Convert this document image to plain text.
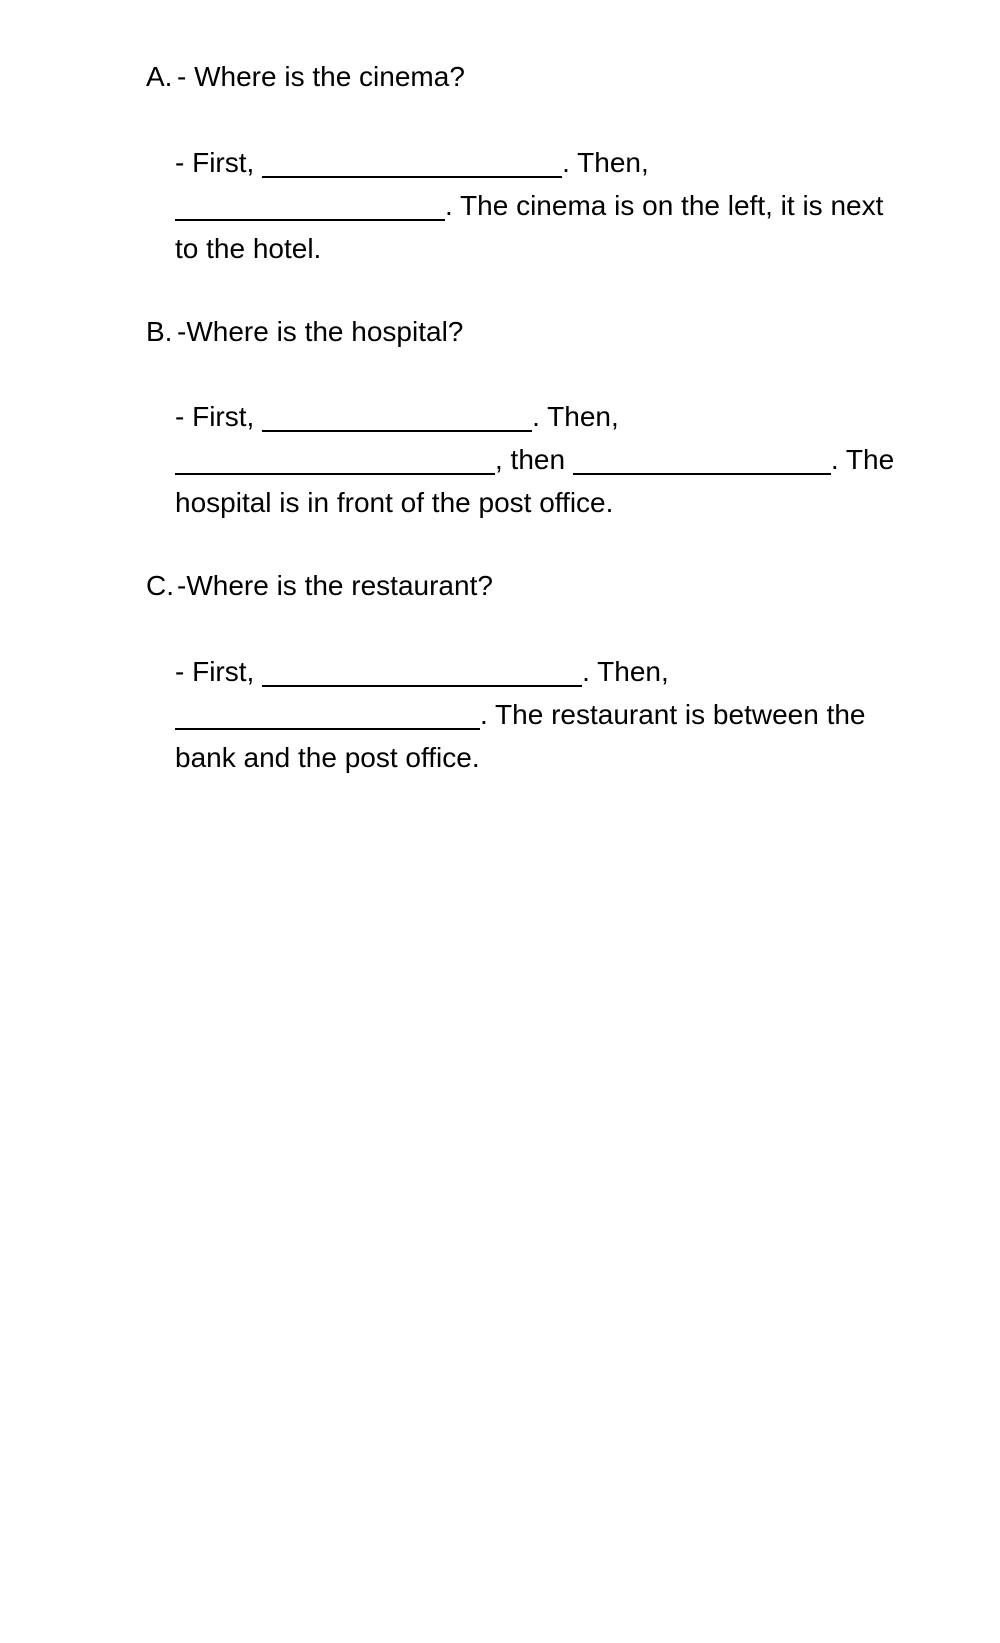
A. - Where is the cinema?
- First,	. Then,
. The cinema is on the left, it is next
to the hotel.
B. -Where is the hospital?
- First,	. Then,
, then	. The
hospital is in front of the post office.
C. -Where is the restaurant?
- First,	. Then,
. The restaurant is between the
bank and the post office.
